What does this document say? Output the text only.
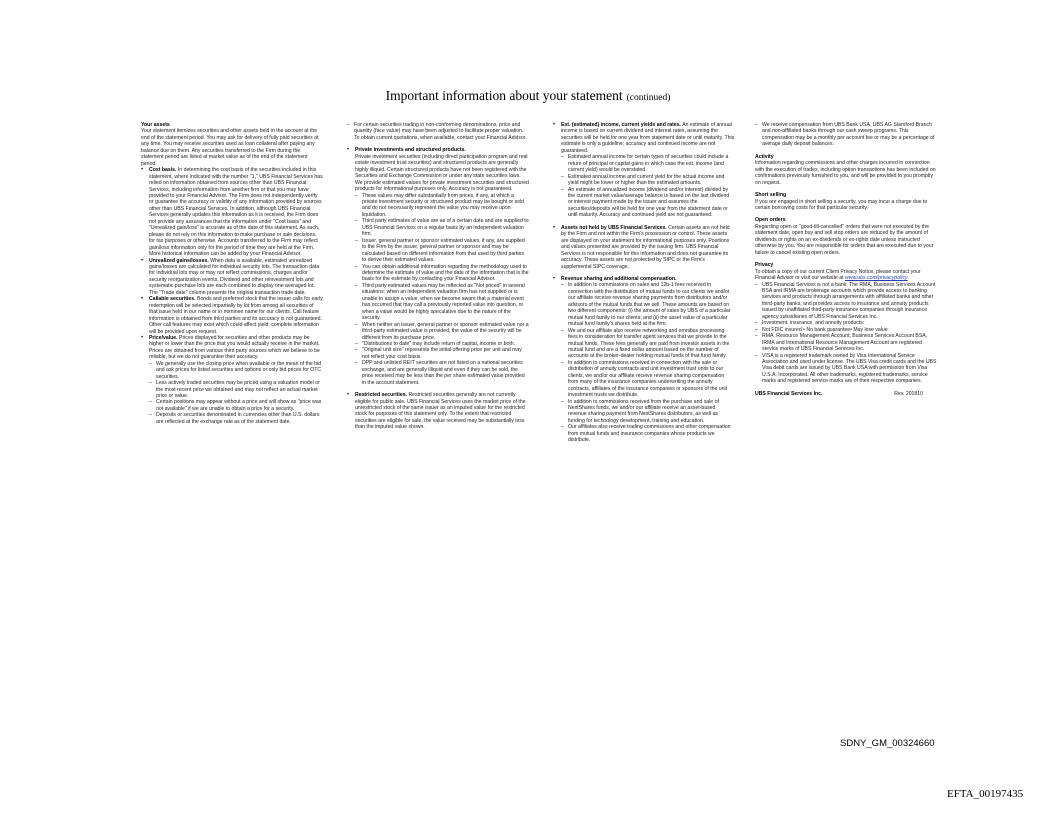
Important information about your statement (continued)
Your assets

Your statement itemizes securities and other assets held in the account at the end of the statement period. You may ask for delivery of fully paid securities at any time. You may receive securities used as loan collateral after paying any balance due on them. Any securities transferred to the Firm during the statement period are listed at market value as of the end of the statement period.

• Cost basis. In determining the cost basis of the securities included in this statement, where indicated with the number "1," UBS Financial Services has relied on information obtained from sources other than UBS Financial Services, including information from another firm or that you may have provided to your Financial Advisor. The Firm does not independently verify or guarantee the accuracy or validity of any information provided by sources other than UBS Financial Services. In addition, although UBS Financial Services generally updates this information as it is received, the Firm does not provide any assurances that the information under "Cost basis" and "Unrealized gain/loss" is accurate as of the date of this statement. As such, please do not rely on this information to make purchase or sale decisions, for tax purposes or otherwise. Accounts transferred to the Firm may reflect gain/loss information only for the period of time they are held at the Firm. More historical information can be added by your Financial Advisor.
• Unrealized gains/losses. When data is available, estimated unrealized gains/losses are calculated for individual security lots. The transaction data for individual lots may or may not reflect commissions, charges and/or security reorganization events. Dividend and other reinvestment lots and systematic purchase lots are each combined to display one averaged lot. The "Trade date" column presents the original transaction trade date.
• Callable securities. Bonds and preferred stock that the issuer calls for early redemption will be selected impartially by lot from among all securities of that issue held in our name or in nominee name for our clients. Call feature information is obtained from third parties and its accuracy is not guaranteed. Other call features may exist which could affect yield; complete information will be provided upon request.
• Price/value. Prices displayed for securities and other products may be higher or lower than the price that you would actually receive in the market. Prices are obtained from various third party sources which we believe to be reliable, but we do not guarantee their accuracy.
– We generally use the closing price when available or the mean of the bid and ask prices for listed securities and options or only bid prices for OTC securities.
– Less actively traded securities may be priced using a valuation model or the most recent price we obtained and may not reflect an actual market price or value.
– Certain positions may appear without a price and will show as "price was not available" if we are unable to obtain a price for a security.
– Deposits or securities denominated in currencies other than U.S. dollars are reflected at the exchange rate as of the statement date.
– For certain securities trading in non-conforming denominations, price and quantity (face value) may have been adjusted to facilitate proper valuation. To obtain current quotations, when available, contact your Financial Advisor.
• Private investments and structured products.
Private investment securities (including direct participation program and real estate investment trust securities) and structured products are generally highly illiquid. Certain structured products have not been registered with the Securities and Exchange Commission or under any state securities laws. We provide estimated values for private investment securities and structured products for informational purposes only. Accuracy is not guaranteed.
– These values may differ substantially from prices, if any, at which a private investment security or structured product may be bought or sold and do not necessarily represent the value you may receive upon liquidation.
– Third party estimates of value are as of a certain date and are supplied to UBS Financial Services on a regular basis by an independent valuation firm.
– Issuer, general partner or sponsor estimated values, if any, are supplied to the Firm by the issuer, general partner or sponsor and may be calculated based on different information from that used by third parties to derive their estimated values.
– You can obtain additional information regarding the methodology used to determine the estimate of value and the date of the information that is the basis for the estimate by contacting your Financial Advisor.
– Third party estimated values may be reflected as "Not priced" in several situations: when an independent valuation firm has not supplied or is unable to assign a value, when we become aware that a material event has occurred that may call a previously reported value into question, or when a value would be highly speculative due to the nature of the security.
– When neither an issuer, general partner or sponsor estimated value nor a third-party estimated value is provided, the value of the security will be different from its purchase price.
– "Distributions to date" may include return of capital, income or both.
– "Original unit size" represents the initial offering price per unit and may not reflect your cost basis.
– DPP and unlisted REIT securities are not listed on a national securities exchange, and are generally illiquid and even if they can be sold, the price received may be less than the per share estimated value provided in the account statement.
• Restricted securities. Restricted securities generally are not currently eligible for public sale. UBS Financial Services uses the market price of the unrestricted stock of the same issuer as an imputed value for the restricted stock for purposes of this statement only. To the extent that restricted securities are eligible for sale, the value received may be substantially less than the imputed value shown.
• Est. (estimated) income, current yields and rates. An estimate of annual income is based on current dividend and interest rates, assuming the securities will be held for one year from statement date or until maturity. This estimate is only a guideline; accuracy and continued income are not guaranteed.
– Estimated annual income for certain types of securities could include a return of principal or capital gains in which case the est. income (and current yield) would be overstated.
– Estimated annual income and current yield for the actual income and yield might be lower or higher than the estimated amounts.
– An estimate of annualized income (dividend and/or interest) divided by the current market value/average balance is based on the last dividend or interest payment made by the issuer and assumes the securities/deposits will be held for one year from the statement date or until maturity. Accuracy and continued yield are not guaranteed.
• Assets not held by UBS Financial Services. Certain assets are not held by the Firm and not within the Firm's possession or control. These assets are displayed on your statement for informational purposes only. Positions and values presented are provided by the issuing firm. UBS Financial Services is not responsible for this information and does not guarantee its accuracy. These assets are not protected by SIPC or the Firm's supplemental SIPC coverage.
• Revenue sharing and additional compensation.
– In addition to commissions on sales and 12b-1 fees received in connection with the distribution of mutual funds to our clients we and/or our affiliate receive revenue sharing payments from distributors and/or advisors of the mutual funds that we sell. These amounts are based on two different components: (i) the amount of sales by UBS of a particular mutual fund family to our clients; and (ii) the asset value of a particular mutual fund family's shares held at the firm.
– We and our affiliate also receive networking and omnibus processing fees in consideration for transfer agent services that we provide to the mutual funds. These fees generally are paid from investor assets in the mutual fund and are a fixed dollar amount based on the number of accounts at the broker-dealer holding mutual funds of that fund family.
– In addition to commissions received in connection with the sale or distribution of annuity contracts and unit investment trust units to our clients, we and/or our affiliate receive revenue sharing compensation from many of the insurance companies underwriting the annuity contracts, affiliates of the insurance companies or sponsors of the unit investment trusts we distribute.
– In addition to commissions received from the purchase and sale of NextShares funds, we and/or our affiliate receive an asset-based revenue sharing payment from NextShares distributors, as well as funding for technology development, training and education.
– Our affiliates also receive trading commissions and other compensation from mutual funds and insurance companies whose products we distribute.
– We receive compensation from UBS Bank USA, UBS AG Stamford Branch and non-affiliated banks through our cash sweep programs. This compensation may be a monthly per account fee or may be a percentage of average daily deposit balances.
Activity

Information regarding commissions and other charges incurred in connection with the execution of trades, including option transactions has been included on confirmations previously furnished to you, and will be provided to you promptly on request.

Short selling

If you are engaged in short selling a security, you may incur a charge due to certain borrowing costs for that particular security.

Open orders

Regarding open or "good-till-cancelled" orders that were not executed by the statement date, open buy and sell stop orders are reduced by the amount of dividends or rights on an ex-dividends or ex-rights date unless instructed otherwise by you. You are responsible for orders that are executed due to your failure to cancel existing open orders.

Privacy

To obtain a copy of our current Client Privacy Notice, please contact your Financial Advisor or visit our website at www.ubs.com/privacypolicy

– UBS Financial Services is not a bank. The RMA, Business Services Account BSA and IRMA are brokerage accounts which provide access to banking services and products through arrangements with affiliated banks and other third-party banks, and provides access to insurance and annuity products issued by unaffiliated third-party insurance companies through insurance agency subsidiaries of UBS Financial Services Inc.
– Investment, insurance, and annuity products:
– Not FDIC insured • No bank guarantee• May lose value
– RMA. Resource Management Account, Business Services Account BSA, IRMA and International Resource Management Account are registered service marks of UBS Financial Services Inc.
– VISA is a registered trademark owned by Visa International Service Association and used under license. The UBS Visa credit cards and the UBS Visa debit cards are issued by UBS Bank USA with permission from Visa U.S.A. Incorporated. All other trademarks, registered trademarks, service marks and registered service marks are of their respective companies.
UBS Financial Services Inc.	Rev. 201810
SDNY_GM_00324660
EFTA_00197435
